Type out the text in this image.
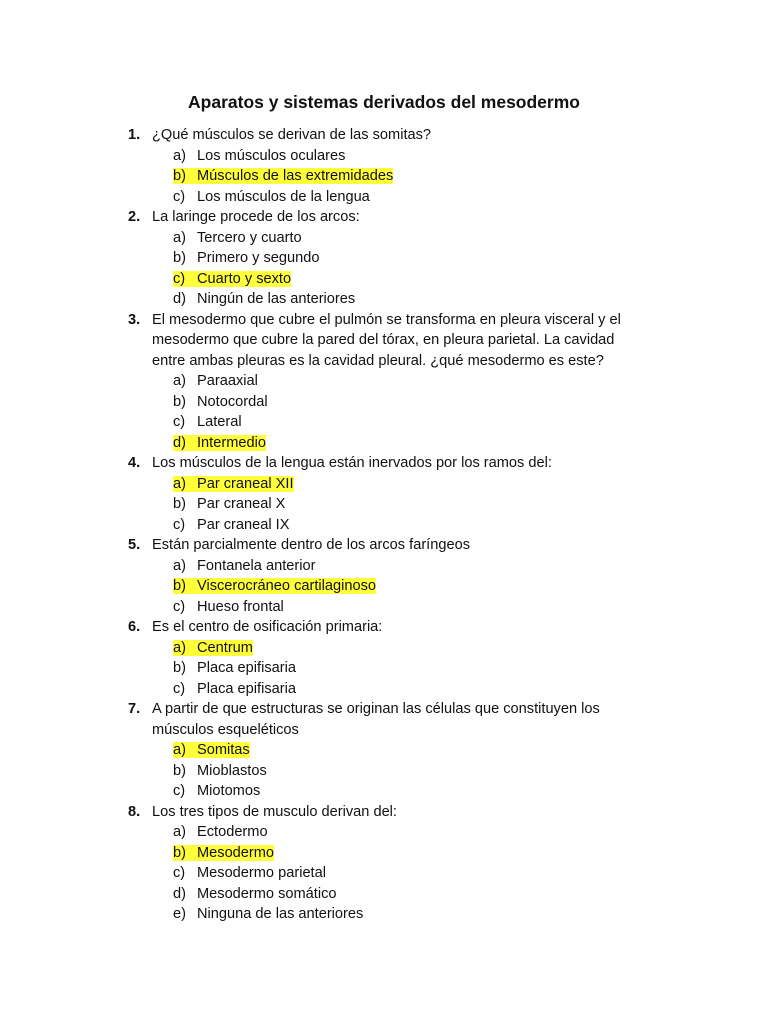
Aparatos y sistemas derivados del mesodermo
1. ¿Qué músculos se derivan de las somitas?
a) Los músculos oculares
b) Músculos de las extremidades
c) Los músculos de la lengua
2. La laringe procede de los arcos:
a) Tercero y cuarto
b) Primero y segundo
c) Cuarto y sexto
d) Ningún de las anteriores
3. El mesodermo que cubre el pulmón se transforma en pleura visceral y el
mesodermo que cubre la pared del tórax, en pleura parietal. La cavidad
entre ambas pleuras es la cavidad pleural. ¿qué mesodermo es este?
a) Paraaxial
b) Notocordal
c) Lateral
d) Intermedio
4. Los músculos de la lengua están inervados por los ramos del:
a) Par craneal XII
b) Par craneal X
c) Par craneal IX
5. Están parcialmente dentro de los arcos faríngeos
a) Fontanela anterior
b) Viscerocráneo cartilaginoso
c) Hueso frontal
6. Es el centro de osificación primaria:
a) Centrum
b) Placa epifisaria
c) Placa epifisaria
7. A partir de que estructuras se originan las células que constituyen los
músculos esqueléticos
a) Somitas
b) Mioblastos
c) Miotomos
8. Los tres tipos de musculo derivan del:
a) Ectodermo
b) Mesodermo
c) Mesodermo parietal
d) Mesodermo somático
e) Ninguna de las anteriores
